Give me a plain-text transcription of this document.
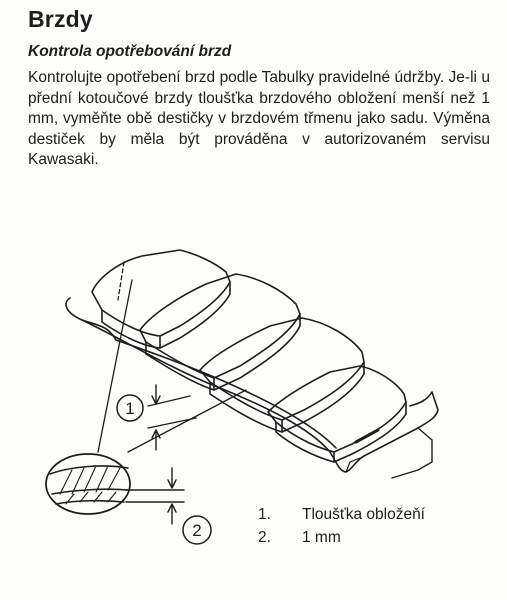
Brzdy
Kontrola opotřebování brzd

Kontrolujte opotřebení brzd podle Tabulky pravidelné údržby. Je-li u přední kotoučové brzdy tloušťka brzdového obložení menší než 1 mm, vyměňte obě destičky v brzdovém třmenu jako sadu. Výměna destiček by měla být prováděna v autorizovaném servisu Kawasaki.

1
2
1.	Tloušťka obložeňí
2.	1 mm
